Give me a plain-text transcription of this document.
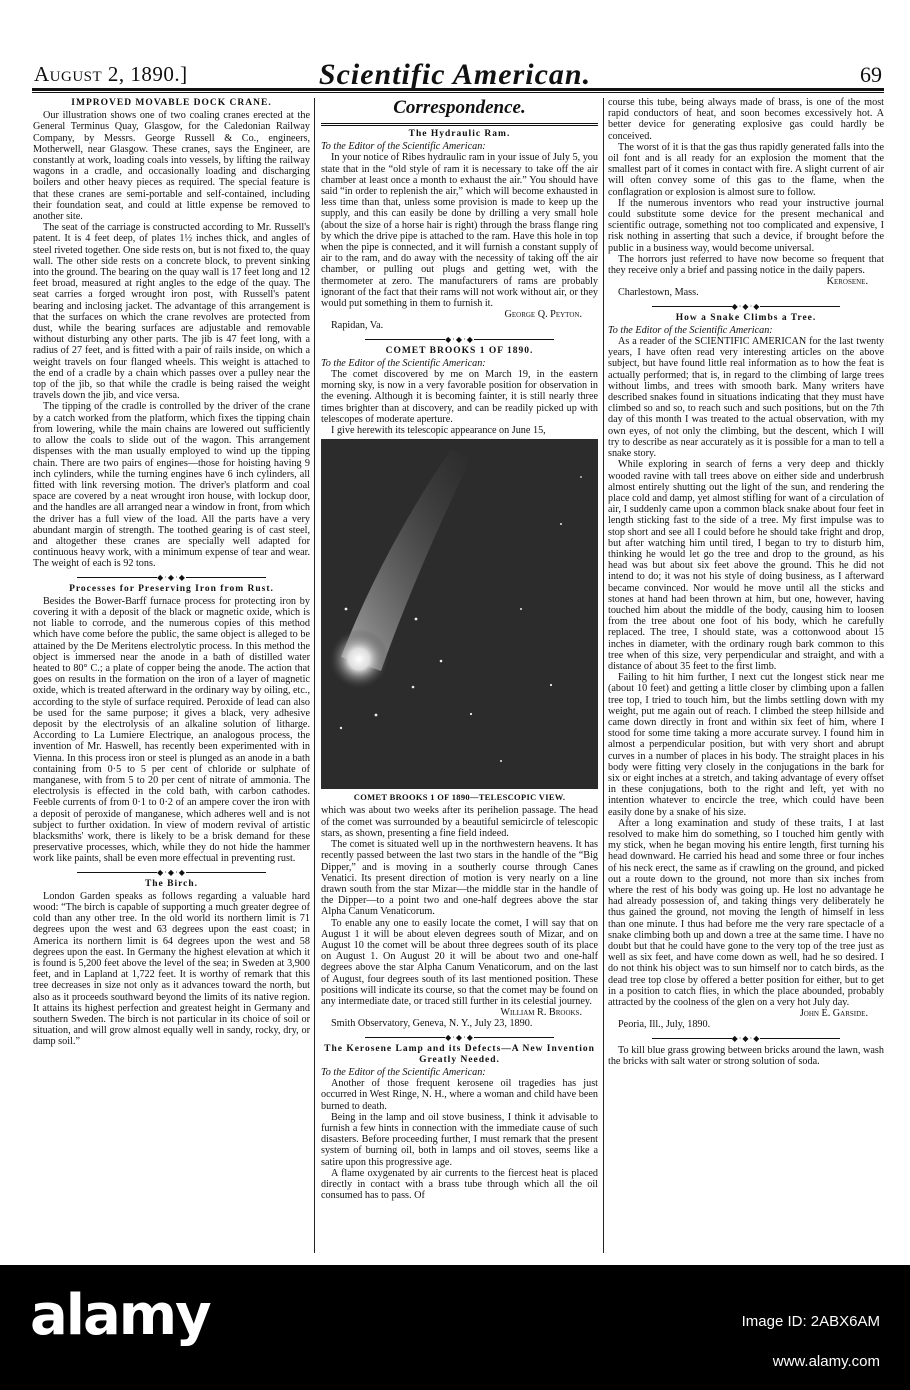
August 2, 1890.]	Scientific American.	69
IMPROVED MOVABLE DOCK CRANE.

Our illustration shows one of two coaling cranes erected at the General Terminus Quay, Glasgow, for the Caledonian Railway Company, by Messrs. George Russell & Co., engineers, Motherwell, near Glasgow. These cranes, says the Engineer, are constantly at work, loading coals into vessels, by lifting the railway wagons in a cradle, and occasionally loading and discharging boilers and other heavy pieces as required. The special feature is that these cranes are semi-portable and self-contained, including their foundation seat, and could at little expense be removed to another site.

The seat of the carriage is constructed according to Mr. Russell's patent. It is 4 feet deep, of plates 1½ inches thick, and angles of steel riveted together. One side rests on, but is not fixed to, the quay wall. The other side rests on a concrete block, to prevent sinking into the ground. The bearing on the quay wall is 17 feet long and 12 feet broad, measured at right angles to the edge of the quay. The seat carries a forged wrought iron post, with Russell's patent bearing and inclosing jacket. The advantage of this arrangement is that the surfaces on which the crane revolves are protected from dust, while the bearing surfaces are adjustable and removable without disturbing any other parts. The jib is 47 feet long, with a radius of 27 feet, and is fitted with a pair of rails inside, on which a weight travels on four flanged wheels. This weight is attached to the end of a cradle by a chain which passes over a pulley near the top of the jib, so that while the cradle is being raised the weight travels down the jib, and vice versa.

The tipping of the cradle is controlled by the driver of the crane by a catch worked from the platform, which fixes the tipping chain from lowering, while the main chains are lowered out sufficiently to allow the coals to slide out of the wagon. This arrangement dispenses with the man usually employed to wind up the tipping chain. There are two pairs of engines—those for hoisting having 9 inch cylinders, while the turning engines have 6 inch cylinders, all fitted with link reversing motion. The driver's platform and coal space are covered by a neat wrought iron house, with lockup door, and the handles are all arranged near a window in front, from which the driver has a full view of the load. All the parts have a very abundant margin of strength. The toothed gearing is of cast steel, and altogether these cranes are specially well adapted for continuous heavy work, with a minimum expense of tear and wear. The weight of each is 92 tons.

◆·◆·◆
Processes for Preserving Iron from Rust.

Besides the Bower-Barff furnace process for protecting iron by covering it with a deposit of the black or magnetic oxide, which is not liable to corrode, and the numerous copies of this method which have come before the public, the same object is alleged to be attained by the De Meritens electrolytic process. In this method the object is immersed near the anode in a bath of distilled water heated to 80° C.; a plate of copper being the anode. The action that goes on results in the formation on the iron of a layer of magnetic oxide, which is treated afterward in the ordinary way by oiling, etc., according to the style of surface required. Peroxide of lead can also be used for the same purpose; it gives a black, very adhesive deposit by the electrolysis of an alkaline solution of litharge. According to La Lumiere Electrique, an analogous process, the invention of Mr. Haswell, has recently been experimented with in Vienna. In this process iron or steel is plunged as an anode in a bath containing from 0·5 to 5 per cent of chloride or sulphate of manganese, with from 5 to 20 per cent of nitrate of ammonia. The electrolysis is effected in the cold bath, with carbon cathodes. Feeble currents of from 0·1 to 0·2 of an ampere cover the iron with a deposit of peroxide of manganese, which adheres well and is not subject to further oxidation. In view of modern revival of artistic blacksmiths' work, there is likely to be a brisk demand for these preservative processes, which, while they do not hide the hammer work like paints, shall be even more effectual in preventing rust.

◆·◆·◆
The Birch.

London Garden speaks as follows regarding a valuable hard wood: “The birch is capable of supporting a much greater degree of cold than any other tree. In the old world its northern limit is 71 degrees upon the west and 63 degrees upon the east coast; in America its northern limit is 64 degrees upon the west and 58 degrees upon the east. In Germany the highest elevation at which it is found is 5,200 feet above the level of the sea; in Sweden at 3,900 feet, and in Lapland at 1,722 feet. It is worthy of remark that this tree decreases in size not only as it advances toward the north, but also as it proceeds southward beyond the limits of its native region. It attains its highest perfection and greatest height in Germany and southern Sweden. The birch is not particular in its choice of soil or situation, and will grow almost equally well in sandy, rocky, dry, or damp soil.”

Correspondence.
The Hydraulic Ram.

To the Editor of the Scientific American:

In your notice of Ribes hydraulic ram in your issue of July 5, you state that in the “old style of ram it is necessary to take off the air chamber at least once a month to exhaust the air.” You should have said “in order to replenish the air,” which will become exhausted in less time than that, unless some provision is made to keep up the supply, and this can easily be done by drilling a very small hole (about the size of a horse hair is right) through the brass flange ring by which the drive pipe is attached to the ram. Have this hole in top when the pipe is connected, and it will furnish a constant supply of air to the ram, and do away with the necessity of taking off the air chamber, or pulling out plugs and getting wet, with the thermometer at zero. The manufacturers of rams are probably ignorant of the fact that their rams will not work without air, or they would put something in them to furnish it.

George Q. Peyton.

Rapidan, Va.

◆·◆·◆
COMET BROOKS 1 OF 1890.

To the Editor of the Scientific American:

The comet discovered by me on March 19, in the eastern morning sky, is now in a very favorable position for observation in the evening. Although it is becoming fainter, it is still nearly three times brighter than at discovery, and can be readily picked up with telescopes of moderate aperture.

I give herewith its telescopic appearance on June 15,

COMET BROOKS 1 OF 1890—TELESCOPIC VIEW.

which was about two weeks after its perihelion passage. The head of the comet was surrounded by a beautiful semicircle of telescopic stars, as shown, presenting a fine field indeed.

The comet is situated well up in the northwestern heavens. It has recently passed between the last two stars in the handle of the “Big Dipper,” and is moving in a southerly course through Canes Venatici. Its present direction of motion is very nearly on a line drawn south from the star Mizar—the middle star in the handle of the Dipper—to a point two and one-half degrees above the star Alpha Canum Venaticorum.

To enable any one to easily locate the comet, I will say that on August 1 it will be about eleven degrees south of Mizar, and on August 10 the comet will be about three degrees south of its place on August 1. On August 20 it will be about two and one-half degrees above the star Alpha Canum Venaticorum, and on the last of August, four degrees south of its last mentioned position. These positions will indicate its course, so that the comet may be found on any intermediate date, or traced still further in its celestial journey.

William R. Brooks.

Smith Observatory, Geneva, N. Y., July 23, 1890.

◆·◆·◆
The Kerosene Lamp and its Defects—A New Invention Greatly Needed.

To the Editor of the Scientific American:

Another of those frequent kerosene oil tragedies has just occurred in West Ringe, N. H., where a woman and child have been burned to death.

Being in the lamp and oil stove business, I think it advisable to furnish a few hints in connection with the immediate cause of such disasters. Before proceeding further, I must remark that the present system of burning oil, both in lamps and oil stoves, seems like a satire upon this progressive age.

A flame oxygenated by air currents to the fiercest heat is placed directly in contact with a brass tube through which all the oil consumed has to pass. Of

course this tube, being always made of brass, is one of the most rapid conductors of heat, and soon becomes excessively hot. A better device for generating explosive gas could hardly be conceived.

The worst of it is that the gas thus rapidly generated falls into the oil font and is all ready for an explosion the moment that the smallest part of it comes in contact with fire. A slight current of air will often convey some of this gas to the flame, when the conflagration or explosion is almost sure to follow.

If the numerous inventors who read your instructive journal could substitute some device for the present mechanical and scientific outrage, something not too complicated and expensive, I risk nothing in asserting that such a device, if brought before the public in a business way, would become universal.

The horrors just referred to have now become so frequent that they receive only a brief and passing notice in the daily papers.

Kerosene.

Charlestown, Mass.

◆·◆·◆
How a Snake Climbs a Tree.

To the Editor of the Scientific American:

As a reader of the SCIENTIFIC AMERICAN for the last twenty years, I have often read very interesting articles on the above subject, but have found little real information as to how the feat is actually performed; that is, in regard to the climbing of large trees without limbs, and trees with smooth bark. Many writers have described snakes found in situations indicating that they must have climbed so and so, to reach such and such positions, but on the 7th day of this month I was treated to the actual observation, with my own eyes, of not only the climbing, but the descent, which I will try to describe as near accurately as it is possible for a man to tell a snake story.

While exploring in search of ferns a very deep and thickly wooded ravine with tall trees above on either side and underbrush almost entirely shutting out the light of the sun, and rendering the place cold and damp, yet almost stifling for want of a circulation of air, I suddenly came upon a common black snake about four feet in length sticking fast to the side of a tree. My first impulse was to stop short and see all I could before he should take fright and drop, but after watching him until tired, I began to try to disturb him, thinking he would let go the tree and drop to the ground, as his head was but about six feet above the ground. This he did not intend to do; it was not his style of doing business, as I afterward became convinced. Nor would he move until all the sticks and stones at hand had been thrown at him, but one, however, having touched him about the middle of the body, causing him to loosen from the tree about one foot of his body, which he carefully replaced. The tree, I should state, was a cottonwood about 15 inches in diameter, with the ordinary rough bark common to this tree when of this size, very perpendicular and straight, and with a distance of about 35 feet to the first limb.

Failing to hit him further, I next cut the longest stick near me (about 10 feet) and getting a little closer by climbing upon a fallen tree top, I tried to touch him, but the limbs settling down with my weight, put me again out of reach. I climbed the steep hillside and came down directly in front and within six feet of him, where I stood for some time taking a more accurate survey. I found him in almost a perpendicular position, but with very short and abrupt curves in a number of places in his body. The straight places in his body were fitting very closely in the conjugations in the bark for six or eight inches at a stretch, and taking advantage of every offset in these conjugations, both to the right and left, yet with no intention whatever to encircle the tree, which could have been easily done by a snake of his size.

After a long examination and study of these traits, I at last resolved to make him do something, so I touched him gently with my stick, when he began moving his entire length, first turning his head downward. He carried his head and some three or four inches of his neck erect, the same as if crawling on the ground, and picked out a route down to the ground, not more than six inches from where the rest of his body was going up. He lost no advantage he had already possession of, and taking things very deliberately he thus gained the ground, not moving the length of himself in less than one minute. I thus had before me the very rare spectacle of a snake climbing both up and down a tree at the same time. I have no doubt but that he could have gone to the very top of the tree just as well as six feet, and have come down as well, had he so desired. I do not think his object was to sun himself nor to catch birds, as the dead tree top close by offered a better position for either, but to get in a position to catch flies, in which the place abounded, probably attracted by the coolness of the glen on a very hot July day.

John E. Garside.

Peoria, Ill., July, 1890.

◆·◆·◆

To kill blue grass growing between bricks around the lawn, wash the bricks with salt water or strong solution of soda.

alamy	Image ID: 2ABX6AM
www.alamy.com
